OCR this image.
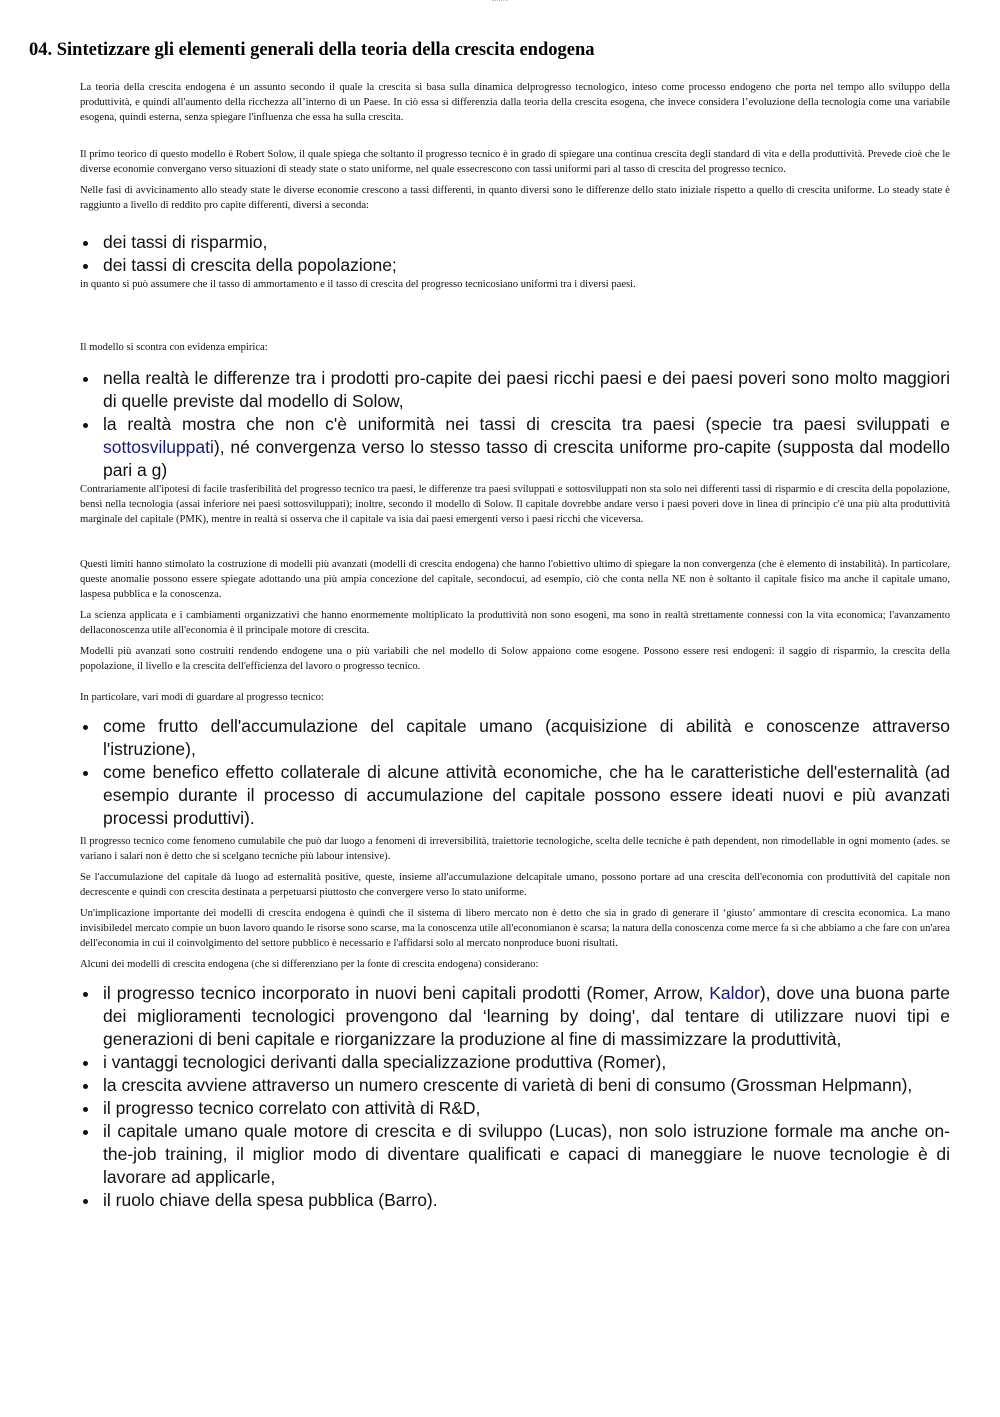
04. Sintetizzare gli elementi generali della teoria della crescita endogena

La teoria della crescita endogena è un assunto secondo il quale la crescita si basa sulla dinamica delprogresso tecnologico, inteso come processo endogeno che porta nel tempo allo sviluppo della produttività, e quindi all'aumento della ricchezza all’interno di un Paese. In ciò essa si differenzia dalla teoria della crescita esogena, che invece considera l’evoluzione della tecnologia come una variabile esogena, quindi esterna, senza spiegare l'influenza che essa ha sulla crescita.

Il primo teorico di questo modello è Robert Solow, il quale spiega che soltanto il progresso tecnico è in grado di spiegare una continua crescita degli standard di vita e della produttività. Prevede cioè che le diverse economie convergano verso situazioni di steady state o stato uniforme, nel quale essecrescono con tassi uniformi pari al tasso di crescita del progresso tecnico.

Nelle fasi di avvicinamento allo steady state le diverse economie crescono a tassi differenti, in quanto diversi sono le differenze dello stato iniziale rispetto a quello di crescita uniforme. Lo steady state è raggiunto a livello di reddito pro capite differenti, diversi a seconda:

dei tassi di risparmio,
dei tassi di crescita della popolazione;

in quanto si può assumere che il tasso di ammortamento e il tasso di crescita del progresso tecnicosiano uniformi tra i diversi paesi.

Il modello si scontra con evidenza empirica:

nella realtà le differenze tra i prodotti pro-capite dei paesi ricchi paesi e dei paesi poveri sono molto maggiori di quelle previste dal modello di Solow,
la realtà mostra che non c'è uniformità nei tassi di crescita tra paesi (specie tra paesi sviluppati e sottosviluppati), né convergenza verso lo stesso tasso di crescita uniforme pro-capite (supposta dal modello pari a g)

Contrariamente all'ipotesi di facile trasferibilità del progresso tecnico tra paesi, le differenze tra paesi sviluppati e sottosviluppati non sta solo nei differenti tassi di risparmio e di crescita della popolazione, bensì nella tecnologia (assai inferiore nei paesi sottosviluppati); inoltre, secondo il modello di Solow. Il capitale dovrebbe andare verso i paesi poveri dove in linea di principio c'è una più alta produttività marginale del capitale (PMK), mentre in realtà si osserva che il capitale va isia dai paesi emergenti verso i paesi ricchi che viceversa.

Questi limiti hanno stimolato la costruzione di modelli più avanzati (modelli di crescita endogena) che hanno l'obiettivo ultimo di spiegare la non convergenza (che è elemento di instabilità). In particolare, queste anomalie possono essere spiegate adottando una più ampia concezione del capitale, secondocui, ad esempio, ciò che conta nella NE non è soltanto il capitale fisico ma anche il capitale umano, laspesa pubblica e la conoscenza.

La scienza applicata e i cambiamenti organizzativi che hanno enormemente moltiplicato la produttività non sono esogeni, ma sono in realtà strettamente connessi con la vita economica; l'avanzamento dellaconoscenza utile all'economia è il principale motore di crescita.

Modelli più avanzati sono costruiti rendendo endogene una o più variabili che nel modello di Solow appaiono come esogene. Possono essere resi endogeni: il saggio di risparmio, la crescita della popolazione, il livello e la crescita dell'efficienza del lavoro o progresso tecnico.

In particolare, vari modi di guardare al progresso tecnico:

come frutto dell'accumulazione del capitale umano (acquisizione di abilità e conoscenze attraverso l'istruzione),
come benefico effetto collaterale di alcune attività economiche, che ha le caratteristiche dell'esternalità (ad esempio durante il processo di accumulazione del capitale possono essere ideati nuovi e più avanzati processi produttivi).

Il progresso tecnico come fenomeno cumulabile che può dar luogo a fenomeni di irreversibilità, traiettorie tecnologiche, scelta delle tecniche è path dependent, non rimodellable in ogni momento (ades. se variano i salari non è detto che si scelgano tecniche più labour intensive).

Se l'accumulazione del capitale dà luogo ad esternalità positive, queste, insieme all'accumulazione delcapitale umano, possono portare ad una crescita dell'economia con produttività del capitale non decrescente e quindi con crescita destinata a perpetuarsi piuttosto che convergere verso lo stato uniforme.

Un'implicazione importante dei modelli di crescita endogena è quindi che il sistema di libero mercato non è detto che sia in grado di generare il ‘giusto’ ammontare di crescita economica. La mano invisibiledel mercato compie un buon lavoro quando le risorse sono scarse, ma la conoscenza utile all'economianon è scarsa; la natura della conoscenza come merce fa sì che abbiamo a che fare con un'area dell'economia in cui il coinvolgimento del settore pubblico è necessario e l'affidarsi solo al mercato nonproduce buoni risultati.

Alcuni dei modelli di crescita endogena (che si differenziano per la fonte di crescita endogena) considerano:

il progresso tecnico incorporato in nuovi beni capitali prodotti (Romer, Arrow, Kaldor), dove una buona parte dei miglioramenti tecnologici provengono dal ‘learning by doing', dal tentare di utilizzare nuovi tipi e generazioni di beni capitale e riorganizzare la produzione al fine di massimizzare la produttività,
i vantaggi tecnologici derivanti dalla specializzazione produttiva (Romer),
la crescita avviene attraverso un numero crescente di varietà di beni di consumo (Grossman Helpmann),
il progresso tecnico correlato con attività di R&D,
il capitale umano quale motore di crescita e di sviluppo (Lucas), non solo istruzione formale ma anche on-the-job training, il miglior modo di diventare qualificati e capaci di maneggiare le nuove tecnologie è di lavorare ad applicarle,
il ruolo chiave della spesa pubblica (Barro).
